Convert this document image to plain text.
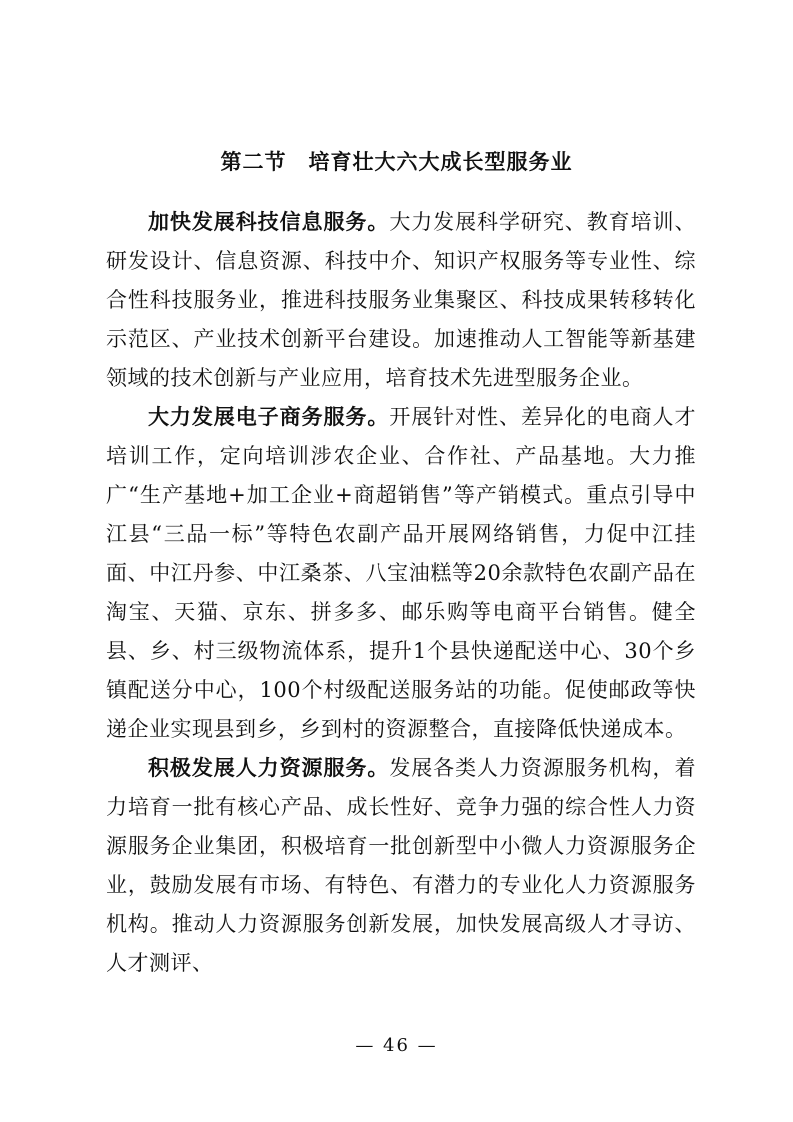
第二节 培育壮大六大成长型服务业

加快发展科技信息服务。大力发展科学研究、教育培训、研发设计、信息资源、科技中介、知识产权服务等专业性、综合性科技服务业，推进科技服务业集聚区、科技成果转移转化示范区、产业技术创新平台建设。加速推动人工智能等新基建领域的技术创新与产业应用，培育技术先进型服务企业。

大力发展电子商务服务。开展针对性、差异化的电商人才培训工作，定向培训涉农企业、合作社、产品基地。大力推广“生产基地+加工企业+商超销售”等产销模式。重点引导中江县“三品一标”等特色农副产品开展网络销售，力促中江挂面、中江丹参、中江桑茶、八宝油糕等20余款特色农副产品在淘宝、天猫、京东、拼多多、邮乐购等电商平台销售。健全县、乡、村三级物流体系，提升1个县快递配送中心、30个乡镇配送分中心，100个村级配送服务站的功能。促使邮政等快递企业实现县到乡，乡到村的资源整合，直接降低快递成本。

积极发展人力资源服务。发展各类人力资源服务机构，着力培育一批有核心产品、成长性好、竞争力强的综合性人力资源服务企业集团，积极培育一批创新型中小微人力资源服务企业，鼓励发展有市场、有特色、有潜力的专业化人力资源服务机构。推动人力资源服务创新发展，加快发展高级人才寻访、人才测评、

— 46 —
